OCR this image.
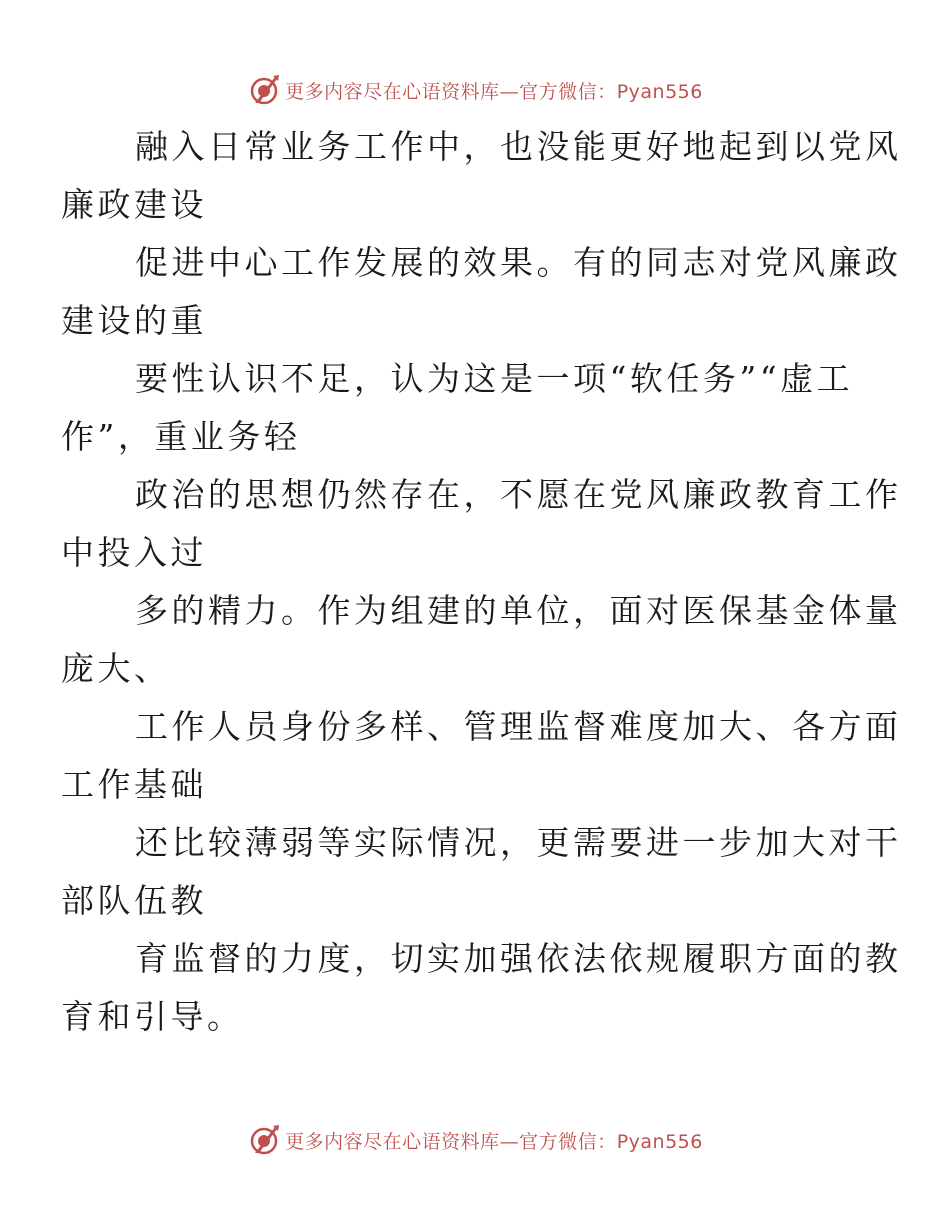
更多内容尽在心语资料库—官方微信：Pyan556

融入日常业务工作中，也没能更好地起到以党风
廉政建设

促进中心工作发展的效果。有的同志对党风廉政
建设的重

要性认识不足，认为这是一项“软任务”“虚工
作”，重业务轻

政治的思想仍然存在，不愿在党风廉政教育工作
中投入过

多的精力。作为组建的单位，面对医保基金体量
庞大、

工作人员身份多样、管理监督难度加大、各方面
工作基础

还比较薄弱等实际情况，更需要进一步加大对干
部队伍教

育监督的力度，切实加强依法依规履职方面的教
育和引导。

更多内容尽在心语资料库—官方微信：Pyan556
